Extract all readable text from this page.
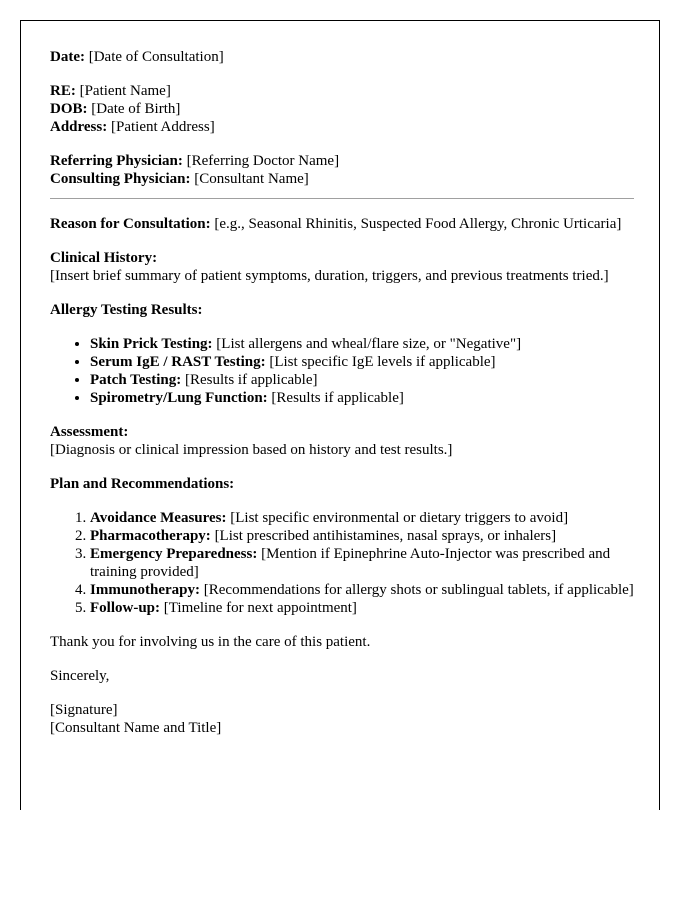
Date: [Date of Consultation]
RE: [Patient Name]
DOB: [Date of Birth]
Address: [Patient Address]
Referring Physician: [Referring Doctor Name]
Consulting Physician: [Consultant Name]
Reason for Consultation: [e.g., Seasonal Rhinitis, Suspected Food Allergy, Chronic Urticaria]
Clinical History:
[Insert brief summary of patient symptoms, duration, triggers, and previous treatments tried.]
Allergy Testing Results:
• Skin Prick Testing: [List allergens and wheal/flare size, or "Negative"]
• Serum IgE / RAST Testing: [List specific IgE levels if applicable]
• Patch Testing: [Results if applicable]
• Spirometry/Lung Function: [Results if applicable]
Assessment:
[Diagnosis or clinical impression based on history and test results.]
Plan and Recommendations:
1. Avoidance Measures: [List specific environmental or dietary triggers to avoid]
2. Pharmacotherapy: [List prescribed antihistamines, nasal sprays, or inhalers]
3. Emergency Preparedness: [Mention if Epinephrine Auto-Injector was prescribed and training provided]
4. Immunotherapy: [Recommendations for allergy shots or sublingual tablets, if applicable]
5. Follow-up: [Timeline for next appointment]
Thank you for involving us in the care of this patient.
Sincerely,
[Signature]
[Consultant Name and Title]
